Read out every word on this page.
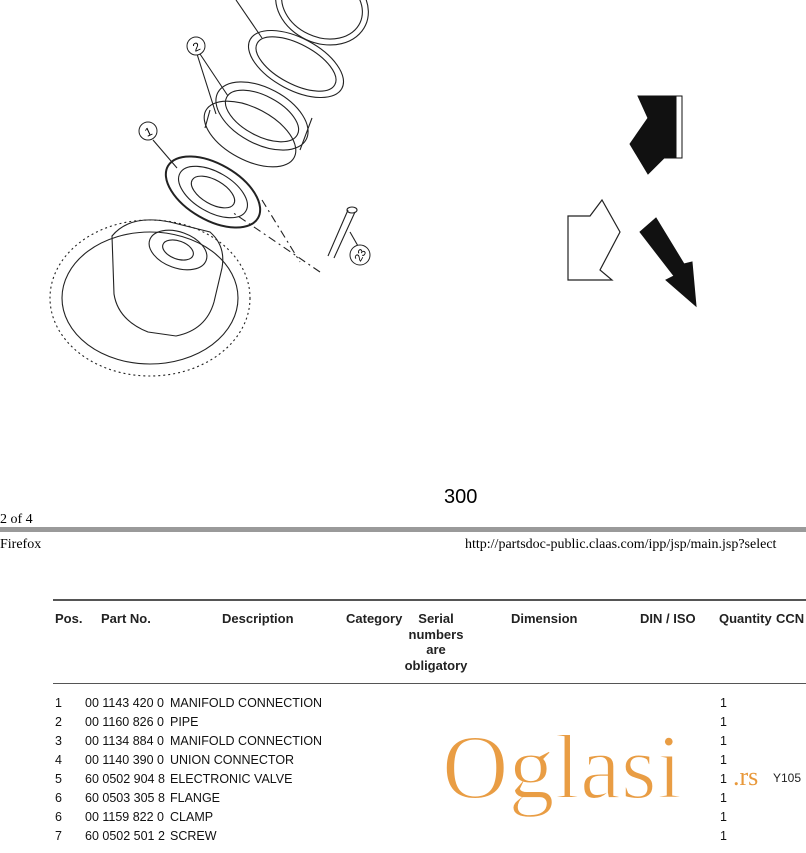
2
1
23
300
2 of 4
Firefox	http://partsdoc-public.claas.com/ipp/jsp/main.jsp?select
Pos. Part No.	Description	Category	Serial
numbers
are
obligatory
Dimension	DIN / ISO Quantity CCN
1 00 1143 420 0 MANIFOLD CONNECTION	1
2 00 1160 826 0 PIPE	1
3 00 1134 884 0 MANIFOLD CONNECTION	1
4 00 1140 390 0 UNION CONNECTOR	1
5 60 0502 904 8 ELECTRONIC VALVE	1
6 60 0503 305 8 FLANGE	1
6 00 1159 822 0 CLAMP	1
7 60 0502 501 2 SCREW	1
Oglasi .rs Y105
